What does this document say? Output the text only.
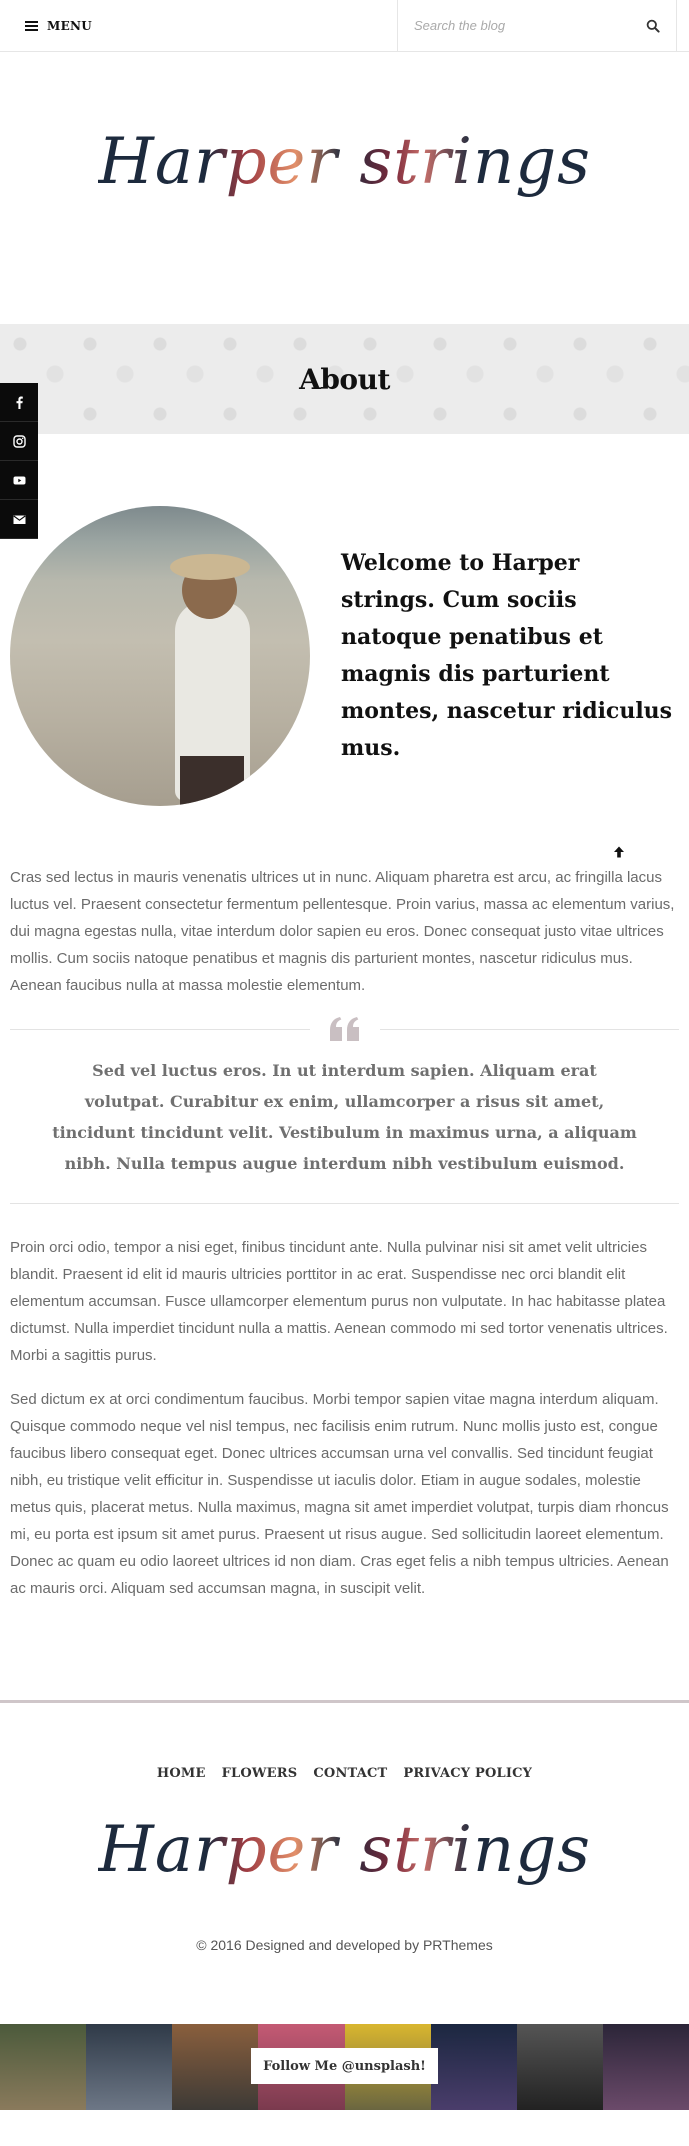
MENU
Search the blog
Harper strings
About
Welcome to Harper strings. Cum sociis natoque penatibus et magnis dis parturient montes, nascetur ridiculus mus.

Cras sed lectus in mauris venenatis ultrices ut in nunc. Aliquam pharetra est arcu, ac fringilla lacus luctus vel. Praesent consectetur fermentum pellentesque. Proin varius, massa ac elementum varius, dui magna egestas nulla, vitae interdum dolor sapien eu eros. Donec consequat justo vitae ultrices mollis. Cum sociis natoque penatibus et magnis dis parturient montes, nascetur ridiculus mus. Aenean faucibus nulla at massa molestie elementum.

Sed vel luctus eros. In ut interdum sapien. Aliquam erat volutpat. Curabitur ex enim, ullamcorper a risus sit amet, tincidunt tincidunt velit. Vestibulum in maximus urna, a aliquam nibh. Nulla tempus augue interdum nibh vestibulum euismod.

Proin orci odio, tempor a nisi eget, finibus tincidunt ante. Nulla pulvinar nisi sit amet velit ultricies blandit. Praesent id elit id mauris ultricies porttitor in ac erat. Suspendisse nec orci blandit elit elementum accumsan. Fusce ullamcorper elementum purus non vulputate. In hac habitasse platea dictumst. Nulla imperdiet tincidunt nulla a mattis. Aenean commodo mi sed tortor venenatis ultrices. Morbi a sagittis purus.

Sed dictum ex at orci condimentum faucibus. Morbi tempor sapien vitae magna interdum aliquam. Quisque commodo neque vel nisl tempus, nec facilisis enim rutrum. Nunc mollis justo est, congue faucibus libero consequat eget. Donec ultrices accumsan urna vel convallis. Sed tincidunt feugiat nibh, eu tristique velit efficitur in. Suspendisse ut iaculis dolor. Etiam in augue sodales, molestie metus quis, placerat metus. Nulla maximus, magna sit amet imperdiet volutpat, turpis diam rhoncus mi, eu porta est ipsum sit amet purus. Praesent ut risus augue. Sed sollicitudin laoreet elementum. Donec ac quam eu odio laoreet ultrices id non diam. Cras eget felis a nibh tempus ultricies. Aenean ac mauris orci. Aliquam sed accumsan magna, in suscipit velit.

HOME FLOWERS CONTACT PRIVACY POLICY
Harper strings

© 2016 Designed and developed by PRThemes

Follow Me @unsplash!
